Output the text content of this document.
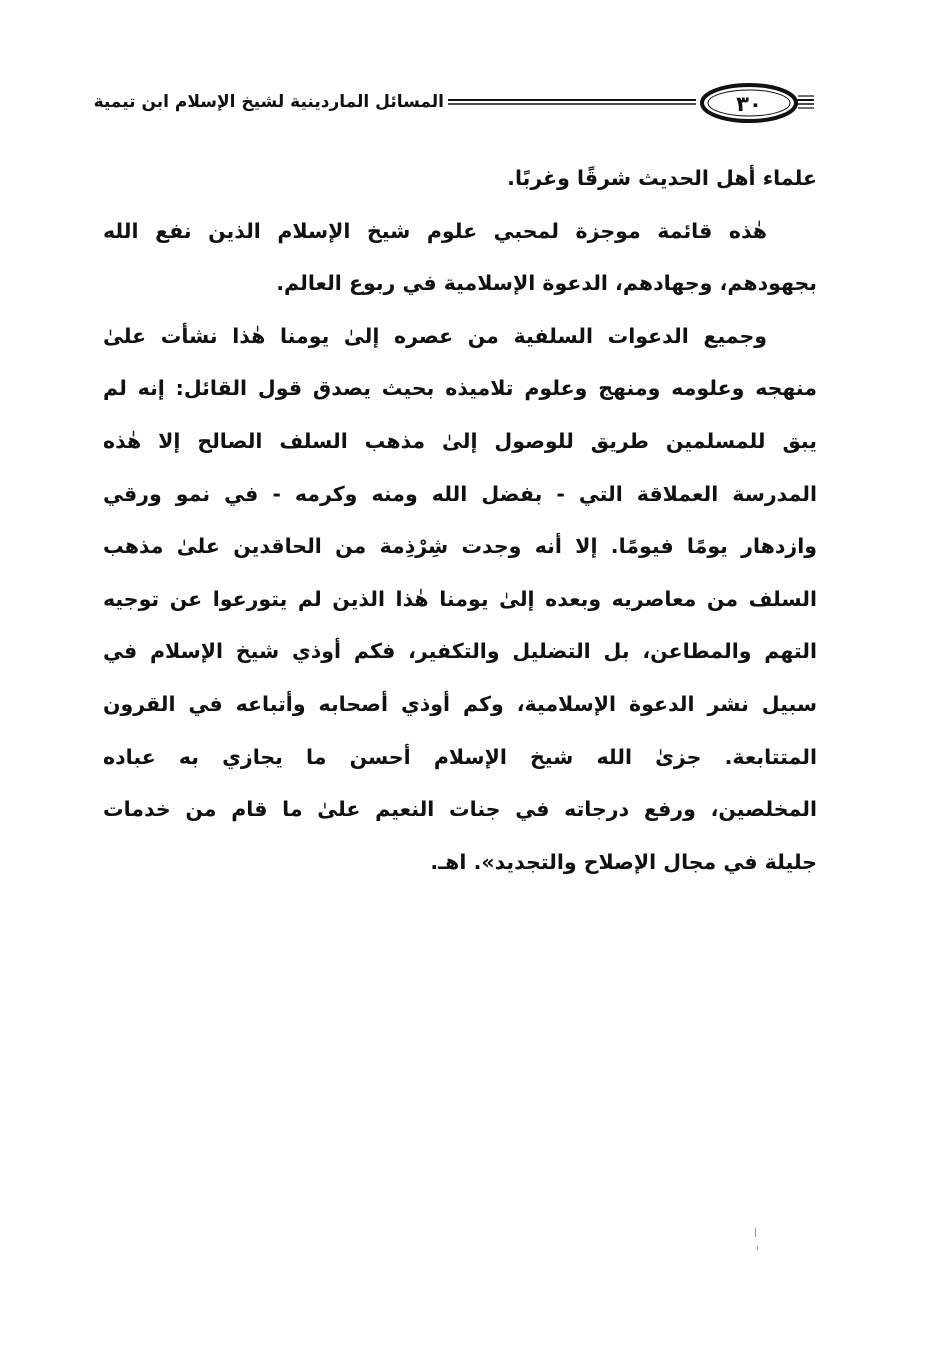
المسائل الماردينية لشيخ الإسلام ابن تيمية	٣٠
علماء أهل الحديث شرقًا وغربًا.
هٰذه قائمة موجزة لمحبي علوم شيخ الإسلام الذين نفع الله
بجهودهم، وجهادهم، الدعوة الإسلامية في ربوع العالم.
وجميع الدعوات السلفية من عصره إلىٰ يومنا هٰذا نشأت علىٰ
منهجه وعلومه ومنهج وعلوم تلاميذه بحيث يصدق قول القائل: إنه لم
يبق للمسلمين طريق للوصول إلىٰ مذهب السلف الصالح إلا هٰذه
المدرسة العملاقة التي - بفضل الله ومنه وكرمه - في نمو ورقي
وازدهار يومًا فيومًا. إلا أنه وجدت شِرْذِمة من الحاقدين علىٰ مذهب
السلف من معاصريه وبعده إلىٰ يومنا هٰذا الذين لم يتورعوا عن توجيه
التهم والمطاعن، بل التضليل والتكفير، فكم أوذي شيخ الإسلام في
سبيل نشر الدعوة الإسلامية، وكم أوذي أصحابه وأتباعه في القرون
المتتابعة. جزىٰ الله شيخ الإسلام أحسن ما يجازي به عباده
المخلصين، ورفع درجاته في جنات النعيم علىٰ ما قام من خدمات
جليلة في مجال الإصلاح والتجديد». اهـ.
